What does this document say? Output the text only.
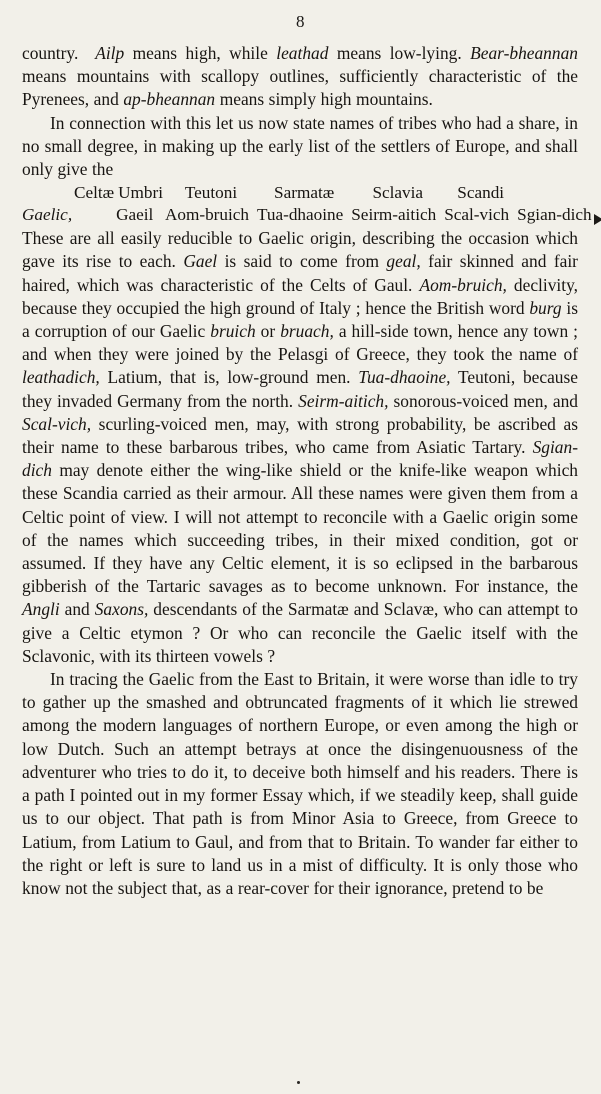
8

country. Ailp means high, while leathad means low-lying. Bear-bheannan means mountains with scallopy outlines, sufficiently characteristic of the Pyrenees, and ap-bheannan means simply high mountains.

In connection with this let us now state names of tribes who had a share, in no small degree, in making up the early list of the settlers of Europe, and shall only give the

Celtæ	Umbri	Teutoni	Sarmatæ	Sclavia	Scandi	
Gaelic,	Gaeil	Aom-bruich	Tua-dhaoine	Seirm-aitich	Scal-vich	Sgian-dich

These are all easily reducible to Gaelic origin, describing the occasion which gave its rise to each. Gael is said to come from geal, fair skinned and fair haired, which was characteristic of the Celts of Gaul. Aom-bruich, declivity, because they occupied the high ground of Italy ; hence the British word burg is a corruption of our Gaelic bruich or bruach, a hill-side town, hence any town ; and when they were joined by the Pelasgi of Greece, they took the name of leathadich, Latium, that is, low-ground men. Tua-dhaoine, Teutoni, because they invaded Germany from the north. Seirm-aitich, sonorous-voiced men, and Scal-vich, scurling-voiced men, may, with strong probability, be ascribed as their name to these barbarous tribes, who came from Asiatic Tartary. Sgian-dich may denote either the wing-like shield or the knife-like weapon which these Scandia carried as their armour. All these names were given them from a Celtic point of view. I will not attempt to reconcile with a Gaelic origin some of the names which succeeding tribes, in their mixed condition, got or assumed. If they have any Celtic element, it is so eclipsed in the barbarous gibberish of the Tartaric savages as to become unknown. For instance, the Angli and Saxons, descendants of the Sarmatæ and Sclavæ, who can attempt to give a Celtic etymon ? Or who can reconcile the Gaelic itself with the Sclavonic, with its thirteen vowels ?

In tracing the Gaelic from the East to Britain, it were worse than idle to try to gather up the smashed and obtruncated fragments of it which lie strewed among the modern languages of northern Europe, or even among the high or low Dutch. Such an attempt betrays at once the disingenuousness of the adventurer who tries to do it, to deceive both himself and his readers. There is a path I pointed out in my former Essay which, if we steadily keep, shall guide us to our object. That path is from Minor Asia to Greece, from Greece to Latium, from Latium to Gaul, and from that to Britain. To wander far either to the right or left is sure to land us in a mist of difficulty. It is only those who know not the subject that, as a rear-cover for their ignorance, pretend to be
